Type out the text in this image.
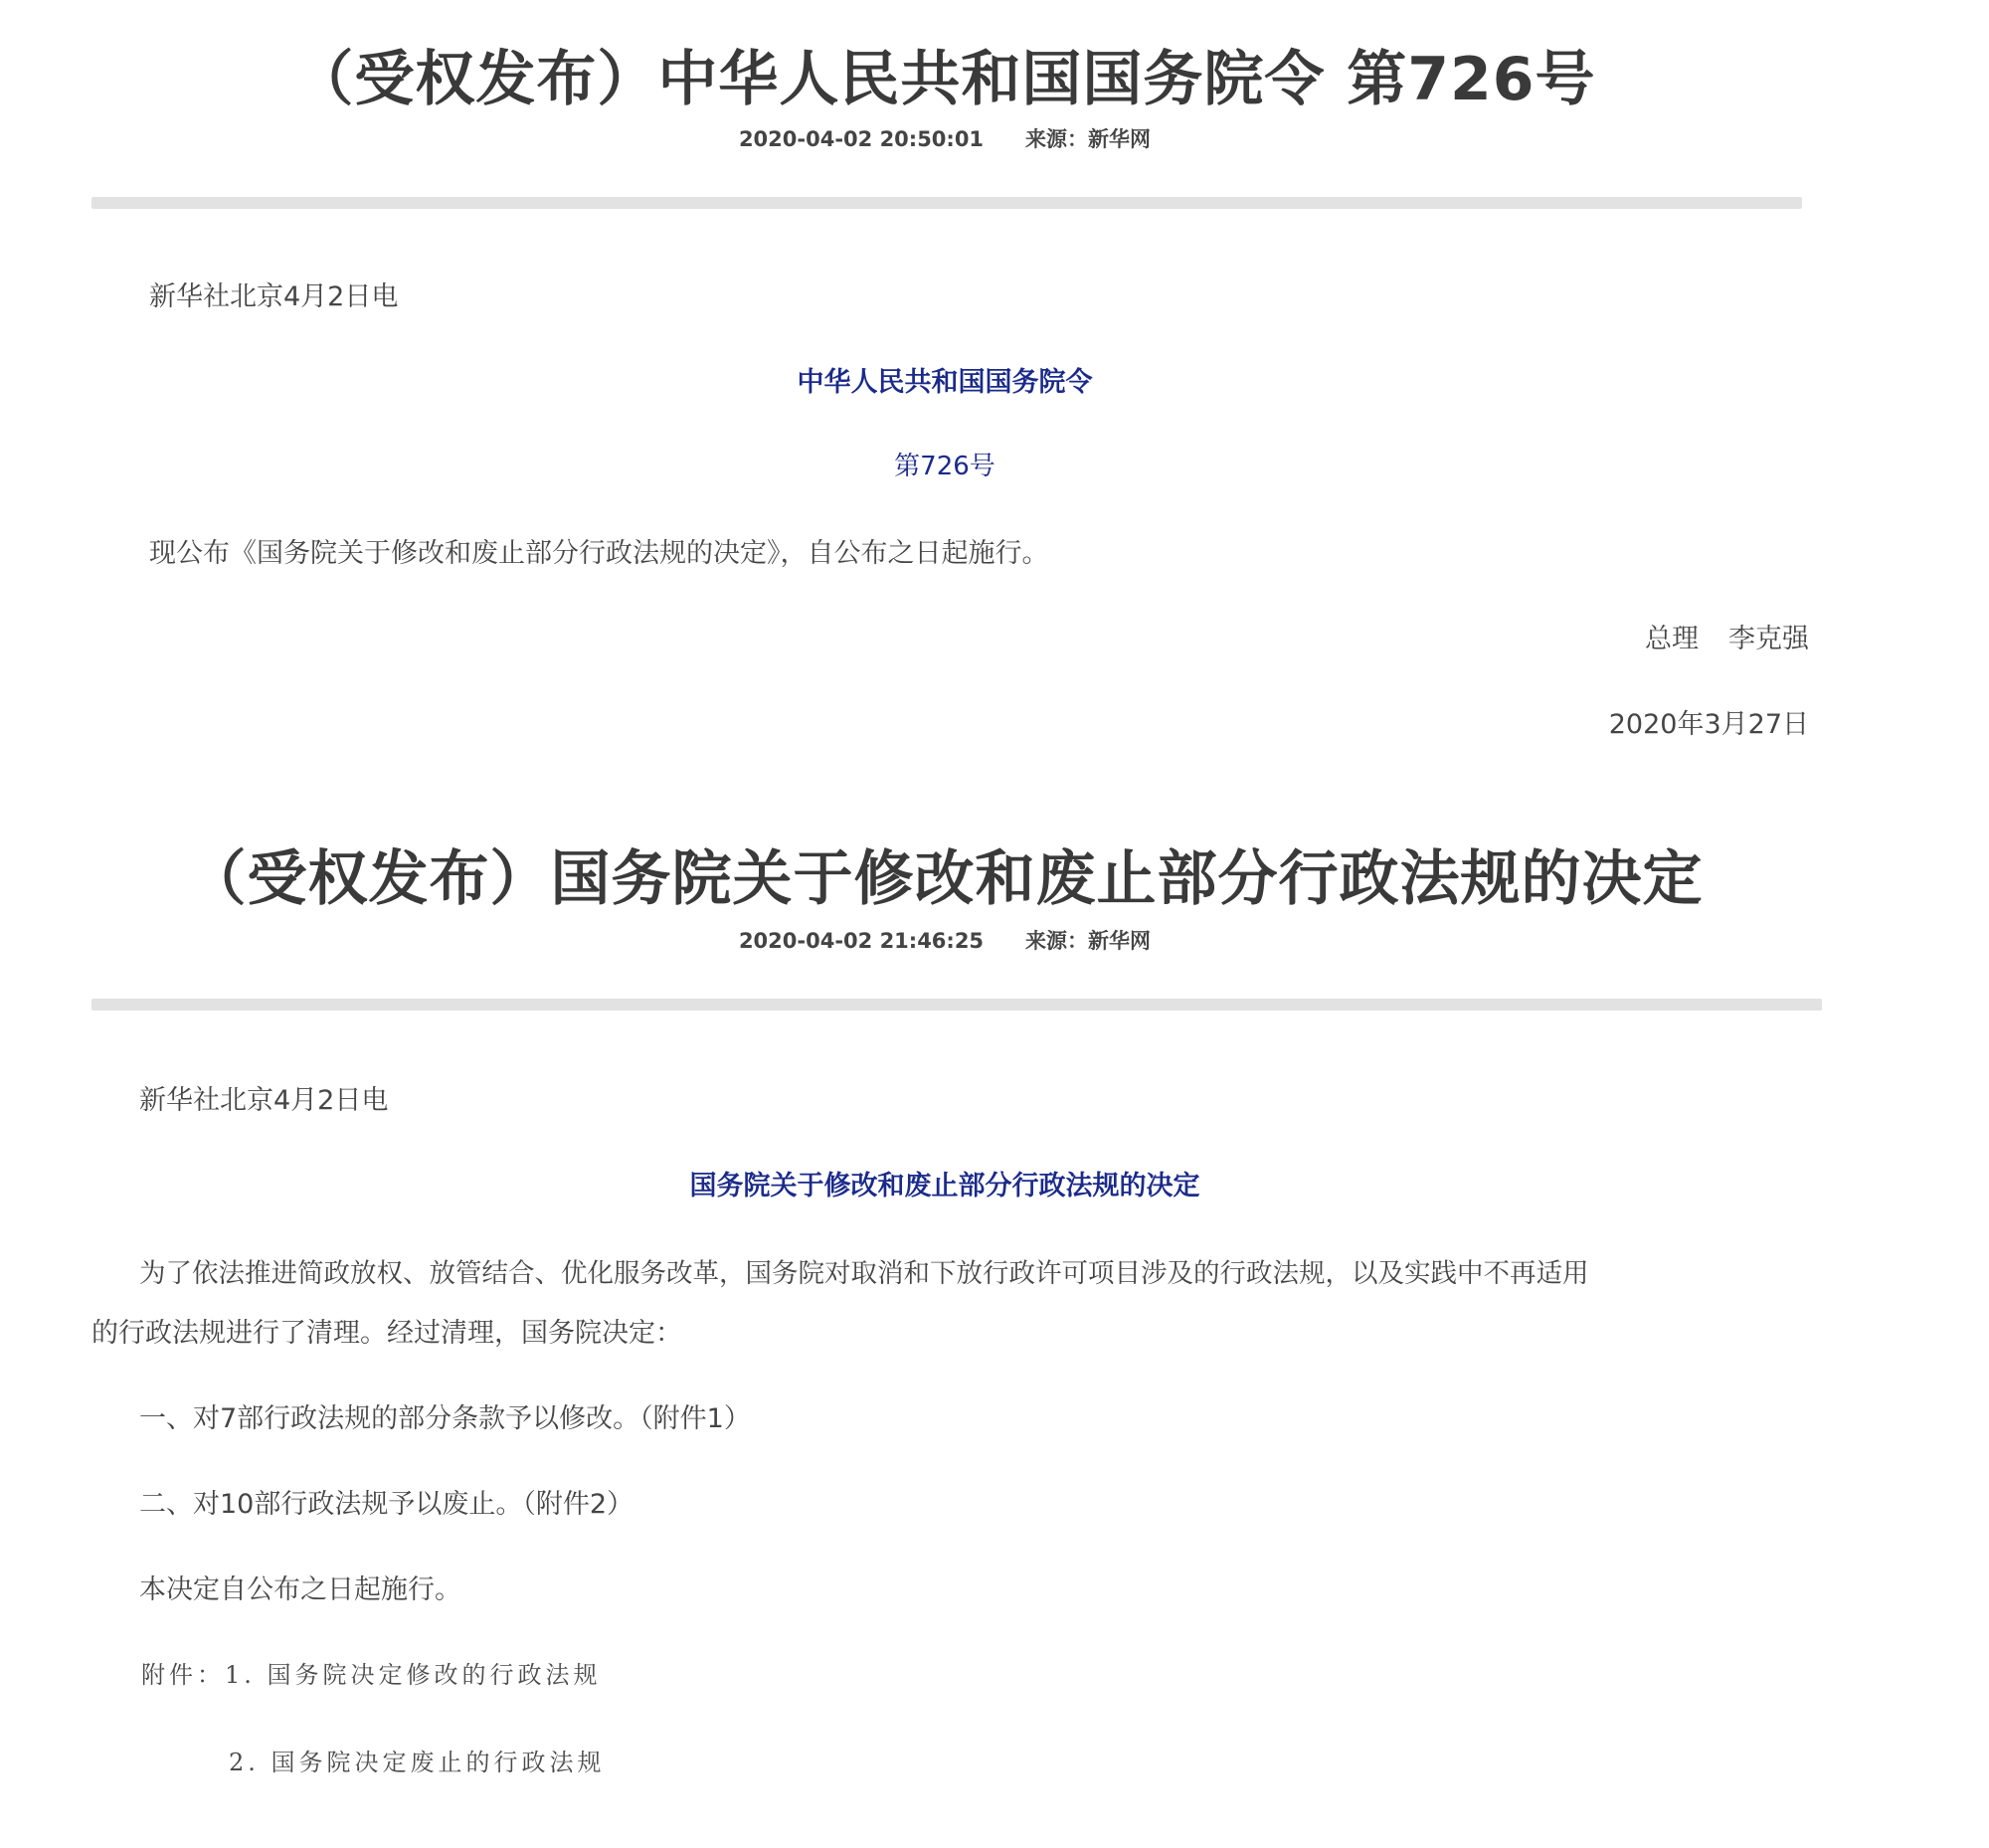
（受权发布）中华人民共和国国务院令 第726号
2020-04-02 20:50:01 来源：新华网
新华社北京4月2日电
中华人民共和国国务院令
第726号
现公布《国务院关于修改和废止部分行政法规的决定》，自公布之日起施行。
总理 李克强
2020年3月27日
（受权发布）国务院关于修改和废止部分行政法规的决定
2020-04-02 21:46:25 来源：新华网
新华社北京4月2日电
国务院关于修改和废止部分行政法规的决定
为了依法推进简政放权、放管结合、优化服务改革，国务院对取消和下放行政许可项目涉及的行政法规，以及实践中不再适用
的行政法规进行了清理。经过清理，国务院决定：
一、对7部行政法规的部分条款予以修改。（附件1）
二、对10部行政法规予以废止。（附件2）
本决定自公布之日起施行。
附件：1. 国务院决定修改的行政法规
2. 国务院决定废止的行政法规
